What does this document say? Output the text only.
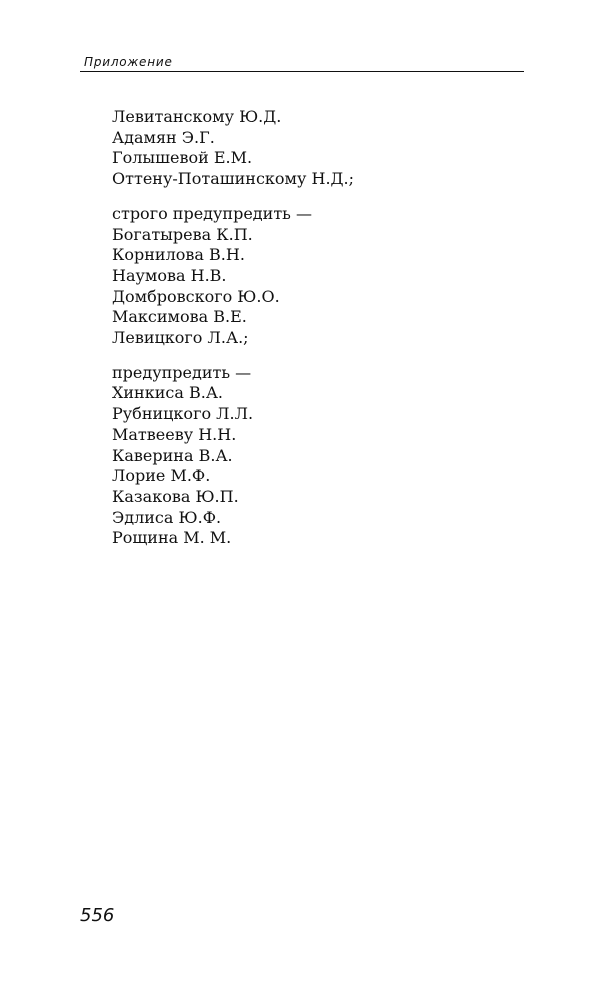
Приложение
Левитанскому Ю.Д.
Адамян Э.Г.
Голышевой Е.М.
Оттену-Поташинскому Н.Д.;
строго предупредить —
Богатырева К.П.
Корнилова В.Н.
Наумова Н.В.
Домбровского Ю.О.
Максимова В.Е.
Левицкого Л.А.;
предупредить —
Хинкиса В.А.
Рубницкого Л.Л.
Матвееву Н.Н.
Каверина В.А.
Лорие М.Ф.
Казакова Ю.П.
Эдлиса Ю.Ф.
Рощина М. М.
556
